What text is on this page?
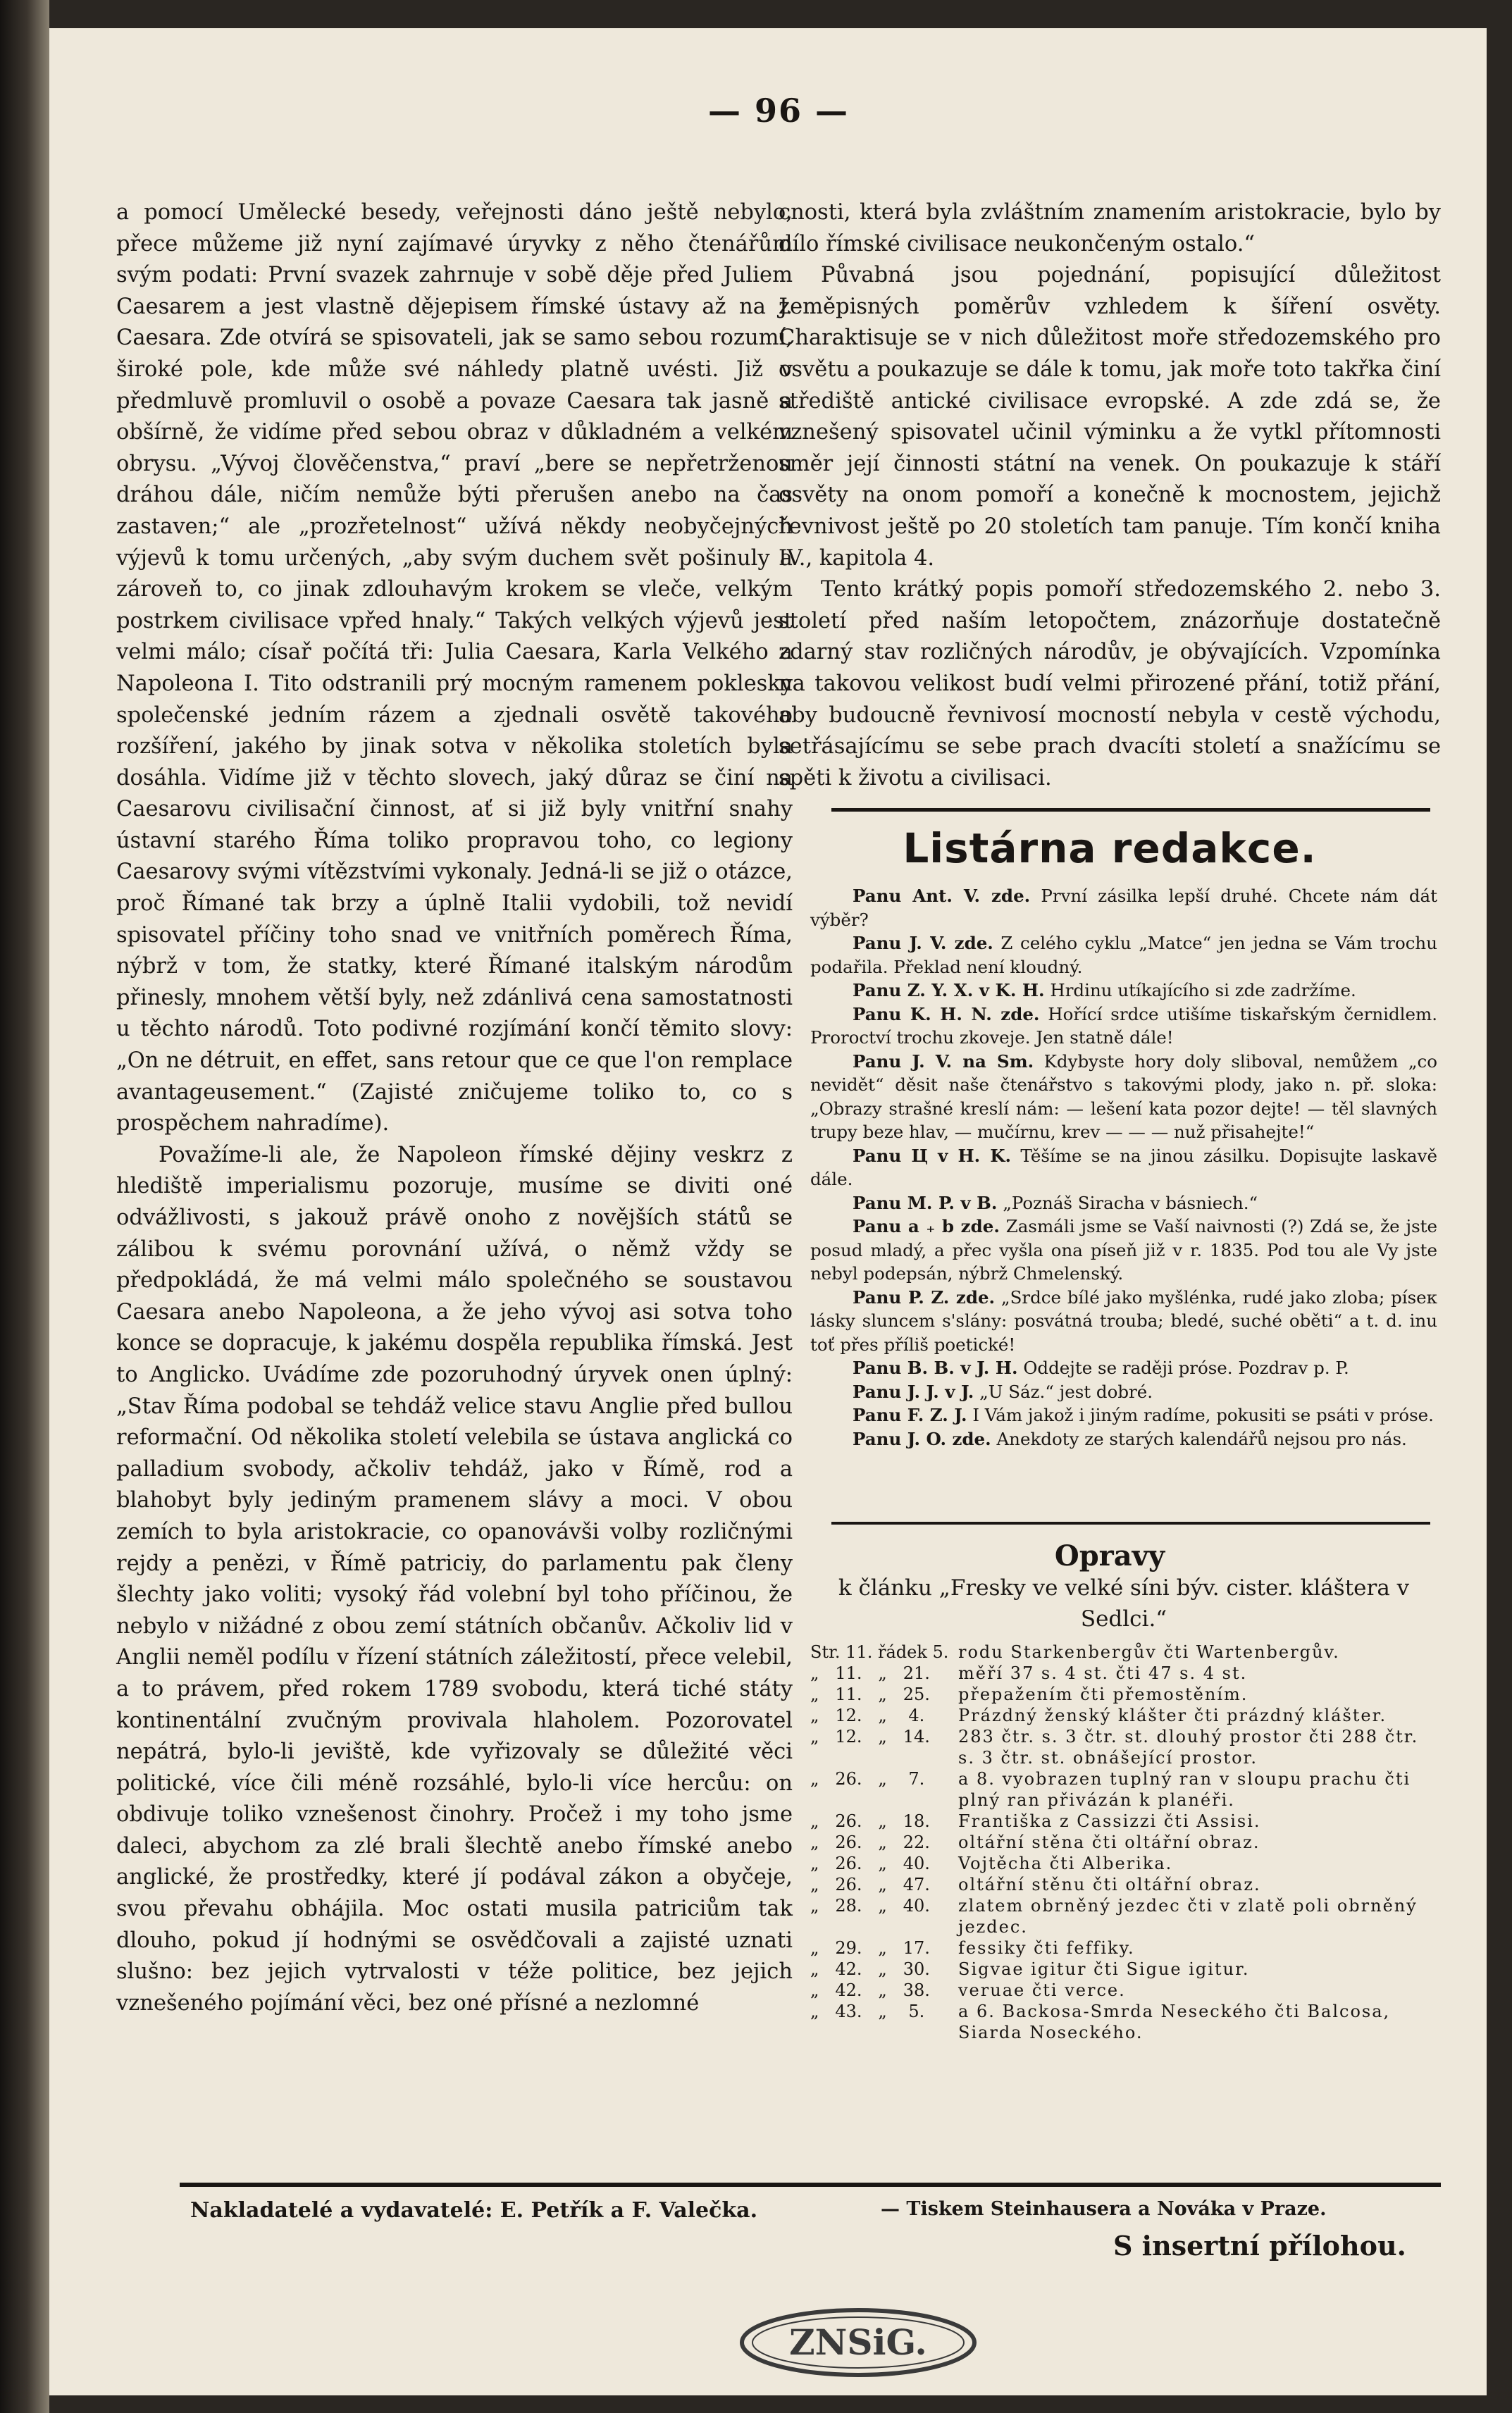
— 96 —

a pomocí Umělecké besedy, veřejnosti dáno ještě nebylo, přece můžeme již nyní zajímavé úryvky z něho čtenářům svým podati: První svazek zahrnuje v sobě děje před Juliem Caesarem a jest vlastně dějepisem římské ústavy až na J. Caesara. Zde otvírá se spisovateli, jak se samo sebou rozumí, široké pole, kde může své náhledy platně uvésti. Již v předmluvě promluvil o osobě a povaze Caesara tak jasně a obšírně, že vidíme před sebou obraz v důkladném a velkém obrysu. „Vývoj člověčenstva,“ praví „bere se nepřetrženou dráhou dále, ničím nemůže býti přerušen anebo na čas zastaven;“ ale „prozřetelnost“ užívá někdy neobyčejných výjevů k tomu určených, „aby svým duchem svět pošinuly a zároveň to, co jinak zdlouhavým krokem se vleče, velkým postrkem civilisace vpřed hnaly.“ Takých velkých výjevů jest velmi málo; císař počítá tři: Julia Caesara, Karla Velkého a Napoleona I. Tito odstranili prý mocným ramenem poklesky společenské jedním rázem a zjednali osvětě takového rozšíření, jakého by jinak sotva v několika stoletích byla dosáhla. Vidíme již v těchto slovech, jaký důraz se činí na Caesarovu civilisační činnost, ať si již byly vnitřní snahy ústavní starého Říma toliko propravou toho, co legiony Caesarovy svými vítězstvími vykonaly. Jedná-li se již o otázce, proč Římané tak brzy a úplně Italii vydobili, tož nevidí spisovatel příčiny toho snad ve vnitřních poměrech Říma, nýbrž v tom, že statky, které Římané italským národům přinesly, mnohem větší byly, než zdánlivá cena samostatnosti u těchto národů. Toto podivné rozjímání končí těmito slovy: „On ne détruit, en effet, sans retour que ce que l'on remplace avantageusement.“ (Zajisté zničujeme toliko to, co s prospěchem nahradíme).

Považíme-li ale, že Napoleon římské dějiny veskrz z hlediště imperialismu pozoruje, musíme se diviti oné odvážlivosti, s jakouž právě onoho z novějších států se zálibou k svému porovnání užívá, o němž vždy se předpokládá, že má velmi málo společného se soustavou Caesara anebo Napoleona, a že jeho vývoj asi sotva toho konce se dopracuje, k jakému dospěla republika římská. Jest to Anglicko. Uvádíme zde pozoruhodný úryvek onen úplný: „Stav Říma podobal se tehdáž velice stavu Anglie před bullou reformační. Od několika století velebila se ústava anglická co palladium svobody, ačkoliv tehdáž, jako v Římě, rod a blahobyt byly jediným pramenem slávy a moci. V obou zemích to byla aristokracie, co opanovávši volby rozličnými rejdy a penězi, v Římě patriciy, do parlamentu pak členy šlechty jako voliti; vysoký řád volební byl toho příčinou, že nebylo v nižádné z obou zemí státních občanův. Ačkoliv lid v Anglii neměl podílu v řízení státních záležitostí, přece velebil, a to právem, před rokem 1789 svobodu, která tiché státy kontinentální zvučným provivala hlaholem. Pozorovatel nepátrá, bylo-li jeviště, kde vyřizovaly se důležité věci politické, více čili méně rozsáhlé, bylo-li více hercůu: on obdivuje toliko vznešenost činohry. Pročež i my toho jsme daleci, abychom za zlé brali šlechtě anebo římské anebo anglické, že prostředky, které jí podával zákon a obyčeje, svou převahu obhájila. Moc ostati musila patriciům tak dlouho, pokud jí hodnými se osvědčovali a zajisté uznati slušno: bez jejich vytrvalosti v téže politice, bez jejich vznešeného pojímání věci, bez oné přísné a nezlomné

cnosti, která byla zvláštním znamením aristokracie, bylo by dílo římské civilisace neukončeným ostalo.“

Půvabná jsou pojednání, popisující důležitost zeměpisných poměrův vzhledem k šíření osvěty. Charaktisuje se v nich důležitost moře středozemského pro osvětu a poukazuje se dále k tomu, jak moře toto takřka činí střediště antické civilisace evropské. A zde zdá se, že vznešený spisovatel učinil výminku a že vytkl přítomnosti směr její činnosti státní na venek. On poukazuje k stáří osvěty na onom pomoří a konečně k mocnostem, jejichž řevnivost ještě po 20 stoletích tam panuje. Tím končí kniha IV., kapitola 4.

Tento krátký popis pomoří středozemského 2. nebo 3. století před naším letopočtem, znázorňuje dostatečně zdarný stav rozličných národův, je obývajících. Vzpomínka na takovou velikost budí velmi přirozené přání, totiž přání, aby budoucně řevnivosí mocností nebyla v cestě východu, setřásajícímu se sebe prach dvacíti století a snažícímu se spěti k životu a civilisaci.

Listárna redakce.

Panu Ant. V. zde. První zásilka lepší druhé. Chcete nám dát výběr?

Panu J. V. zde. Z celého cyklu „Matce“ jen jedna se Vám trochu podařila. Překlad není kloudný.

Panu Z. Y. X. v K. H. Hrdinu utíkajícího si zde zadržíme.

Panu K. H. N. zde. Hořící srdce utišíme tiskařským černidlem. Proroctví trochu zkoveje. Jen statně dále!

Panu J. V. na Sm. Kdybyste hory doly sliboval, nemůžem „co nevidět“ děsit naše čtenářstvo s takovými plody, jako n. př. sloka: „Obrazy strašné kreslí nám: — lešení kata pozor dejte! — těl slavných trupy beze hlav, — mučírnu, krev — — — nuž přisahejte!“

Panu Ц v H. K. Těšíme se na jinou zásilku. Dopisujte laskavě dále.

Panu M. P. v B. „Poznáš Siracha v básniech.“

Panu a ₊ b zde. Zasmáli jsme se Vaší naivnosti (?) Zdá se, že jste posud mladý, a přec vyšla ona píseň již v r. 1835. Pod tou ale Vy jste nebyl podepsán, nýbrž Chmelenský.

Panu P. Z. zde. „Srdce bílé jako myšlénka, rudé jako zloba; píseк lásky sluncem s'slány: posvátná trouba; bledé, suché oběti“ a t. d. inu toť přes příliš poetické!

Panu B. B. v J. H. Oddejte se raději próse. Pozdrav p. P.

Panu J. J. v J. „U Sáz.“ jest dobré.

Panu F. Z. J. I Vám jakož i jiným radíme, pokusiti se psáti v próse.

Panu J. O. zde. Anekdoty ze starých kalendářů nejsou pro nás.

Opravy
k článku „Fresky ve velké síni býv. cister. kláštera v Sedlci.“
Str. 11. řádek 5. rodu Starkenbergův čti Wartenbergův.
„   11.   „   21.	měří 37 s. 4 st. čti 47 s. 4 st.
„   11.   „   25.	přepažením čti přemostěním.
„   12.   „    4.	Prázdný ženský klášter čti prázdný klášter.
„   12.   „   14.	283 čtr. s. 3 čtr. st. dlouhý prostor čti 288 čtr. s. 3 čtr. st. obnášející prostor.
„   26.   „    7.	a 8. vyobrazen tuplný ran v sloupu prachu čti plný ran přivázán k planéři.
„   26.   „   18.	Františka z Cassizzi čti Assisi.
„   26.   „   22.	oltářní stěna čti oltářní obraz.
„   26.   „   40.	Vojtěcha čti Alberika.
„   26.   „   47.	oltářní stěnu čti oltářní obraz.
„   28.   „   40.	zlatem obrněný jezdec čti v zlatě poli obrněný jezdec.
„   29.   „   17.	fessiky čti feffiky.
„   42.   „   30.	Sigvae igitur čti Sigue igitur.
„   42.   „   38.	veruae čti verce.
„   43.   „    5.	a 6. Backosa-Smrda Neseckého čti Balcosa, Siarda Noseckého.
Nakladatelé a vydavatelé: E. Petřík a F. Valečka.	— Tiskem Steinhausera a Nováka v Praze.
S insertní přílohou.
ZNSiG.
